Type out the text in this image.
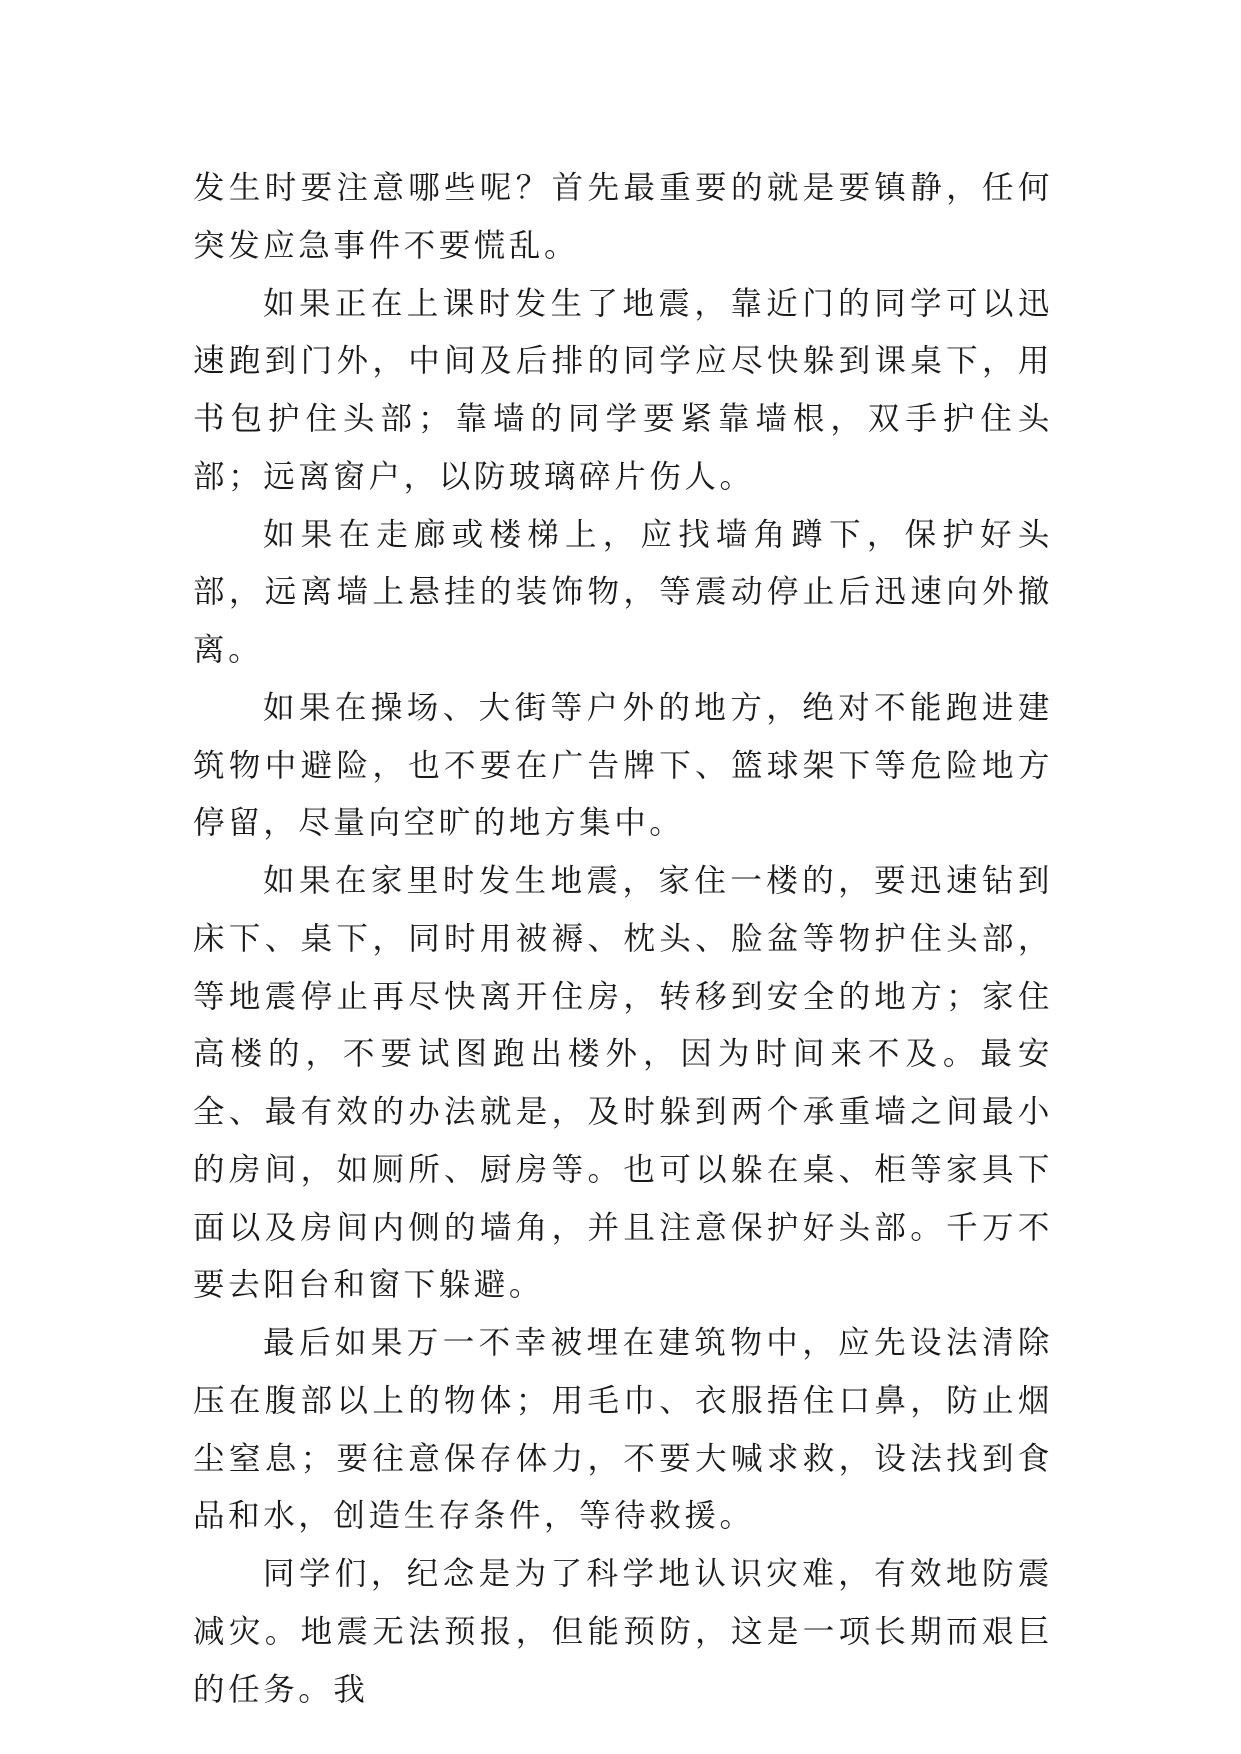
发生时要注意哪些呢？首先最重要的就是要镇静，任何突发应急事件不要慌乱。

如果正在上课时发生了地震，靠近门的同学可以迅速跑到门外，中间及后排的同学应尽快躲到课桌下，用书包护住头部；靠墙的同学要紧靠墙根，双手护住头部；远离窗户，以防玻璃碎片伤人。

如果在走廊或楼梯上，应找墙角蹲下，保护好头部，远离墙上悬挂的装饰物，等震动停止后迅速向外撤离。

如果在操场、大街等户外的地方，绝对不能跑进建筑物中避险，也不要在广告牌下、篮球架下等危险地方停留，尽量向空旷的地方集中。

如果在家里时发生地震，家住一楼的，要迅速钻到床下、桌下，同时用被褥、枕头、脸盆等物护住头部，等地震停止再尽快离开住房，转移到安全的地方；家住高楼的，不要试图跑出楼外，因为时间来不及。最安全、最有效的办法就是，及时躲到两个承重墙之间最小的房间，如厕所、厨房等。也可以躲在桌、柜等家具下面以及房间内侧的墙角，并且注意保护好头部。千万不要去阳台和窗下躲避。

最后如果万一不幸被埋在建筑物中，应先设法清除压在腹部以上的物体；用毛巾、衣服捂住口鼻，防止烟尘窒息；要往意保存体力，不要大喊求救，设法找到食品和水，创造生存条件，等待救援。

同学们，纪念是为了科学地认识灾难，有效地防震减灾。地震无法预报，但能预防，这是一项长期而艰巨的任务。我
